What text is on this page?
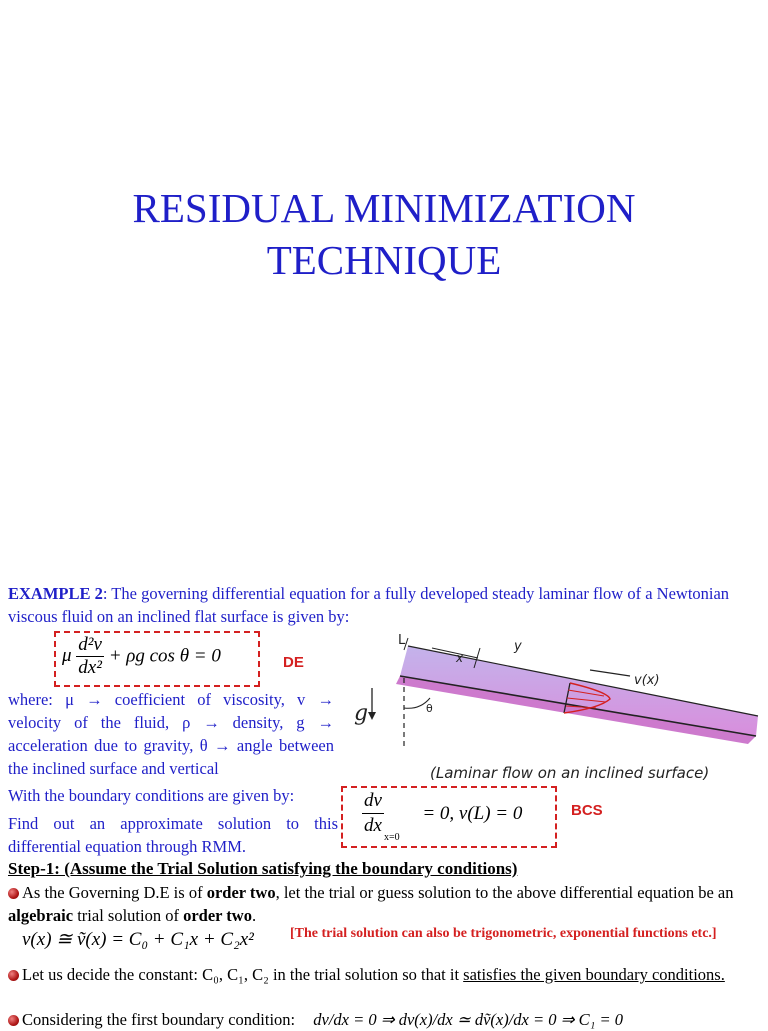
RESIDUAL MINIMIZATION
TECHNIQUE
EXAMPLE 2: The governing differential equation for a fully developed steady laminar flow of a Newtonian viscous fluid on an inclined flat surface is given by:
μ $\frac{\text{d²v}}{\text{dx²}} + \rho g$ cos θ = 0	DE
where: μ → coefficient of viscosity, v → velocity of the fluid, ρ → density, g → acceleration due to gravity, θ → angle between the inclined surface and vertical
With the boundary conditions are given by:	$\frac{dv}{dx} _{x=0} = 0$, v(L) = 0	BCS
Find out an approximate solution to this differential equation through RMM.
L	y
x
v(x)
g	θ
(Laminar flow on an inclined surface)
Step-1: (Assume the Trial Solution satisfying the boundary conditions)
As the Governing D.E is of order two, let the trial or guess solution to the above differential equation be an algebraic trial solution of order two.
v(x) ≅ ṽ(x) = C₀ + C₁x + C₂x²	[The trial solution can also be trigonometric, exponential functions etc.]
Let us decide the constant: C₀, C₁, C₂ in the trial solution so that it satisfies the given boundary conditions.
Considering the first boundary condition: dv/dx = 0 ⇒ dv(x)/dx ≃ dṽ(x)/dx = 0 ⇒ C₁ = 0
